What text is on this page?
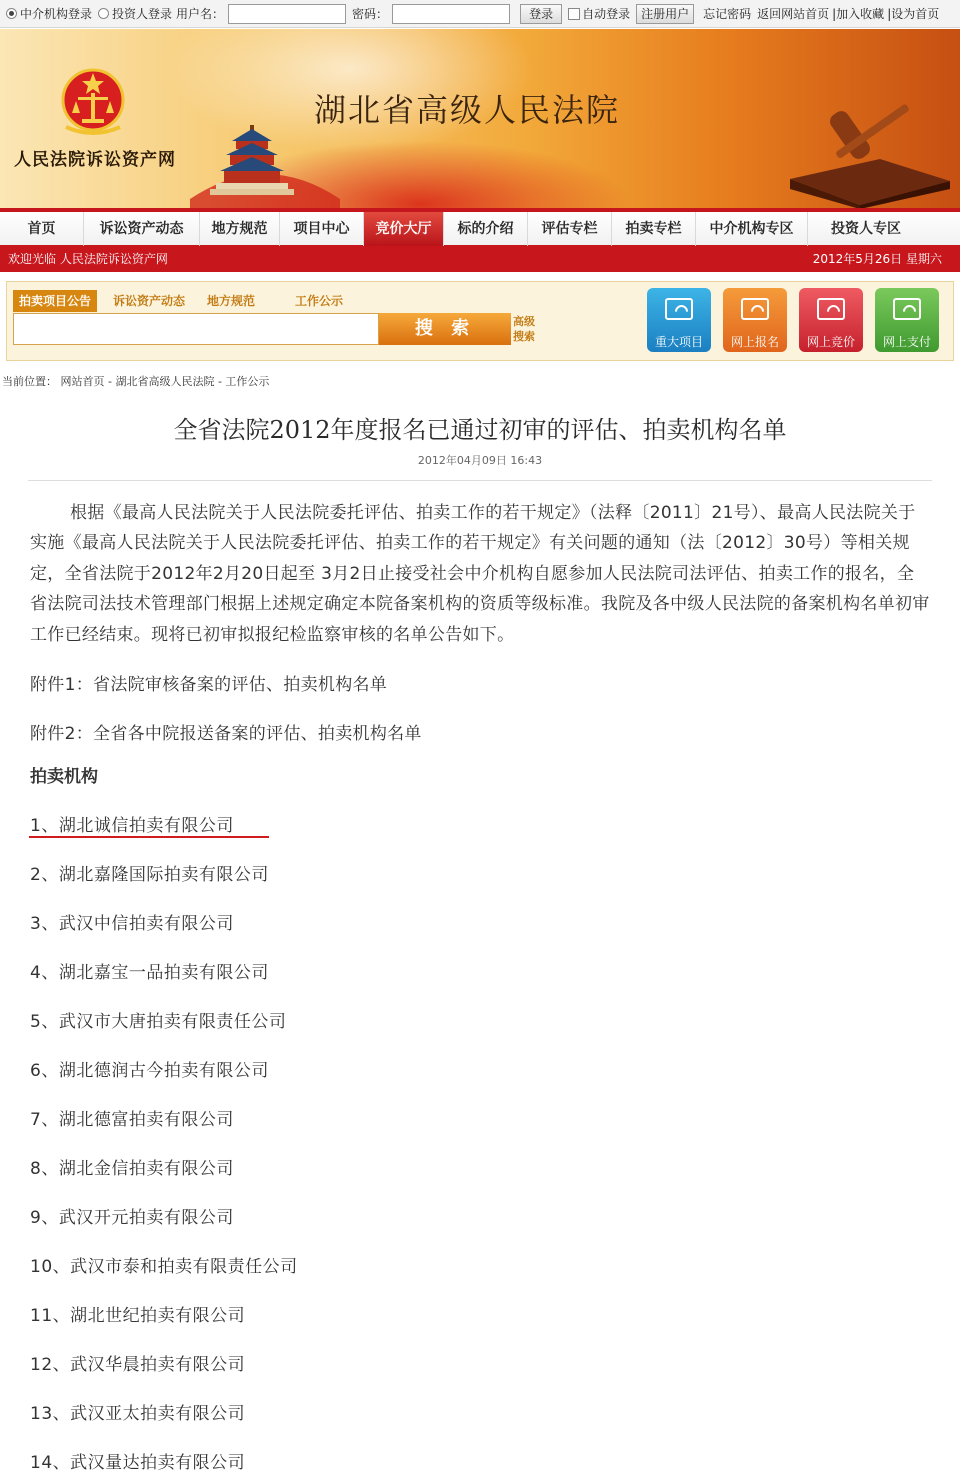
中介机构登录 投资人登录 用户名：	密码：	登录	自动登录 注册用户	忘记密码 返回网站首页 |加入收藏 |设为首页
人民法院诉讼资产网
湖北省高级人民法院
首页	诉讼资产动态	地方规范	项目中心	竞价大厅	标的介绍	评估专栏	拍卖专栏	中介机构专区	投资人专区
欢迎光临 人民法院诉讼资产网	2012年5月26日 星期六
拍卖项目公告	诉讼资产动态	地方规范	工作公示
搜 索	高级搜索	重大项目	网上报名	网上竞价	网上支付
当前位置： 网站首页 - 湖北省高级人民法院 - 工作公示
全省法院2012年度报名已通过初审的评估、拍卖机构名单
2012年04月09日 16:43
根据《最高人民法院关于人民法院委托评估、拍卖工作的若干规定》（法释〔2011〕21号）、最高人民法院关于实施《最高人民法院关于人民法院委托评估、拍卖工作的若干规定》有关问题的通知（法〔2012〕30号）等相关规定，全省法院于2012年2月20日起至 3月2日止接受社会中介机构自愿参加人民法院司法评估、拍卖工作的报名，全省法院司法技术管理部门根据上述规定确定本院备案机构的资质等级标准。我院及各中级人民法院的备案机构名单初审工作已经结束。现将已初审拟报纪检监察审核的名单公告如下。
附件1：省法院审核备案的评估、拍卖机构名单
附件2：全省各中院报送备案的评估、拍卖机构名单
拍卖机构
1、湖北诚信拍卖有限公司
2、湖北嘉隆国际拍卖有限公司
3、武汉中信拍卖有限公司
4、湖北嘉宝一品拍卖有限公司
5、武汉市大唐拍卖有限责任公司
6、湖北德润古今拍卖有限公司
7、湖北德富拍卖有限公司
8、湖北金信拍卖有限公司
9、武汉开元拍卖有限公司
10、武汉市泰和拍卖有限责任公司
11、湖北世纪拍卖有限公司
12、武汉华晨拍卖有限公司
13、武汉亚太拍卖有限公司
14、武汉量达拍卖有限公司
